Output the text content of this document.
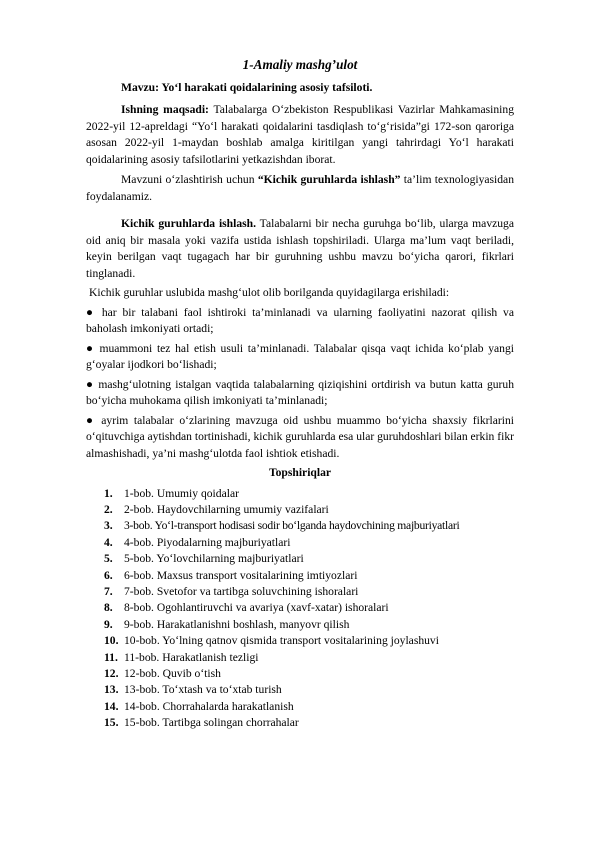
1-Amaliy mashg’ulot

Mavzu: Yo‘l harakati qoidalarining asosiy tafsiloti.

Ishning maqsadi: Talabalarga O‘zbekiston Respublikasi Vazirlar Mahkamasining 2022-yil 12-apreldagi “Yo‘l harakati qoidalarini tasdiqlash to‘g‘risida”gi 172-son qaroriga asosan 2022-yil 1-maydan boshlab amalga kiritilgan yangi tahrirdagi Yo‘l harakati qoidalarining asosiy tafsilotlarini yetkazishdan iborat.

Mavzuni o‘zlashtirish uchun “Kichik guruhlarda ishlash” ta’lim texnologiyasidan foydalanamiz.

Kichik guruhlarda ishlash. Talabalarni bir necha guruhga bo‘lib, ularga mavzuga oid aniq bir masala yoki vazifa ustida ishlash topshiriladi. Ularga ma’lum vaqt beriladi, keyin berilgan vaqt tugagach har bir guruhning ushbu mavzu bo‘yicha qarori, fikrlari tinglanadi.

Kichik guruhlar uslubida mashg‘ulot olib borilganda quyidagilarga erishiladi:

● har bir talabani faol ishtiroki ta’minlanadi va ularning faoliyatini nazorat qilish va baholash imkoniyati ortadi;

● muammoni tez hal etish usuli ta’minlanadi. Talabalar qisqa vaqt ichida ko‘plab yangi g‘oyalar ijodkori bo‘lishadi;

● mashg‘ulotning istalgan vaqtida talabalarning qiziqishini ortdirish va butun katta guruh bo‘yicha muhokama qilish imkoniyati ta’minlanadi;

● ayrim talabalar o‘zlarining mavzuga oid ushbu muammo bo‘yicha shaxsiy fikrlarini o‘qituvchiga aytishdan tortinishadi, kichik guruhlarda esa ular guruhdoshlari bilan erkin fikr almashishadi, ya’ni mashg‘ulotda faol ishtiok etishadi.

Topshiriqlar

1. 1-bob. Umumiy qoidalar
2. 2-bob. Haydovchilarning umumiy vazifalari
3. 3-bob. Yo‘l-transport hodisasi sodir bo‘lganda haydovchining majburiyatlari
4. 4-bob. Piyodalarning majburiyatlari
5. 5-bob. Yo‘lovchilarning majburiyatlari
6. 6-bob. Maxsus transport vositalarining imtiyozlari
7. 7-bob. Svetofor va tartibga soluvchining ishoralari
8. 8-bob. Ogohlantiruvchi va avariya (xavf-xatar) ishoralari
9. 9-bob. Harakatlanishni boshlash, manyovr qilish
10. 10-bob. Yo‘lning qatnov qismida transport vositalarining joylashuvi
11. 11-bob. Harakatlanish tezligi
12. 12-bob. Quvib o‘tish
13. 13-bob. To‘xtash va to‘xtab turish
14. 14-bob. Chorrahalarda harakatlanish
15. 15-bob. Tartibga solingan chorrahalar
